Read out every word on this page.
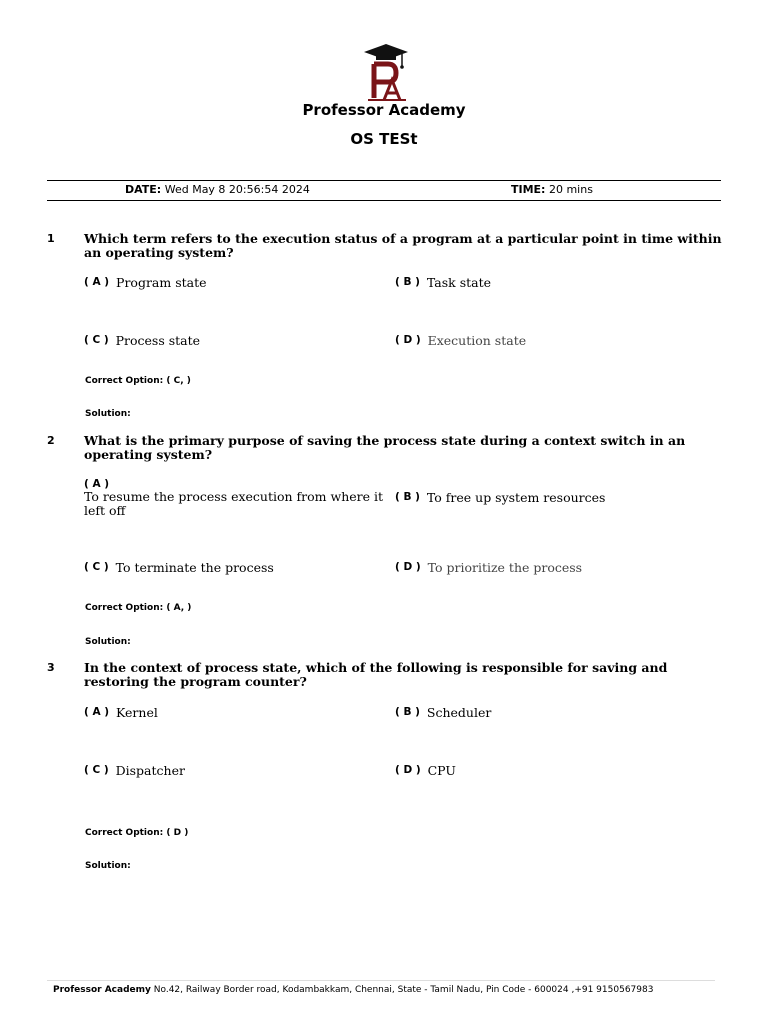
Professor Academy
OS TESt
DATE: Wed May 8 20:56:54 2024	TIME: 20 mins
1 Which term refers to the execution status of a program at a particular point in time within an operating system?
( A ) Program state	( B ) Task state
( C ) Process state	( D ) Execution state
Correct Option: ( C, )
Solution:
2 What is the primary purpose of saving the process state during a context switch in an operating system?
( A )
To resume the process execution from where it left off
( B ) To free up system resources
( C ) To terminate the process	( D ) To prioritize the process
Correct Option: ( A, )
Solution:
3 In the context of process state, which of the following is responsible for saving and restoring the program counter?
( A ) Kernel	( B ) Scheduler
( C ) Dispatcher	( D ) CPU
Correct Option: ( D )
Solution:
Professor Academy No.42, Railway Border road, Kodambakkam, Chennai, State - Tamil Nadu, Pin Code - 600024 ,+91 9150567983
